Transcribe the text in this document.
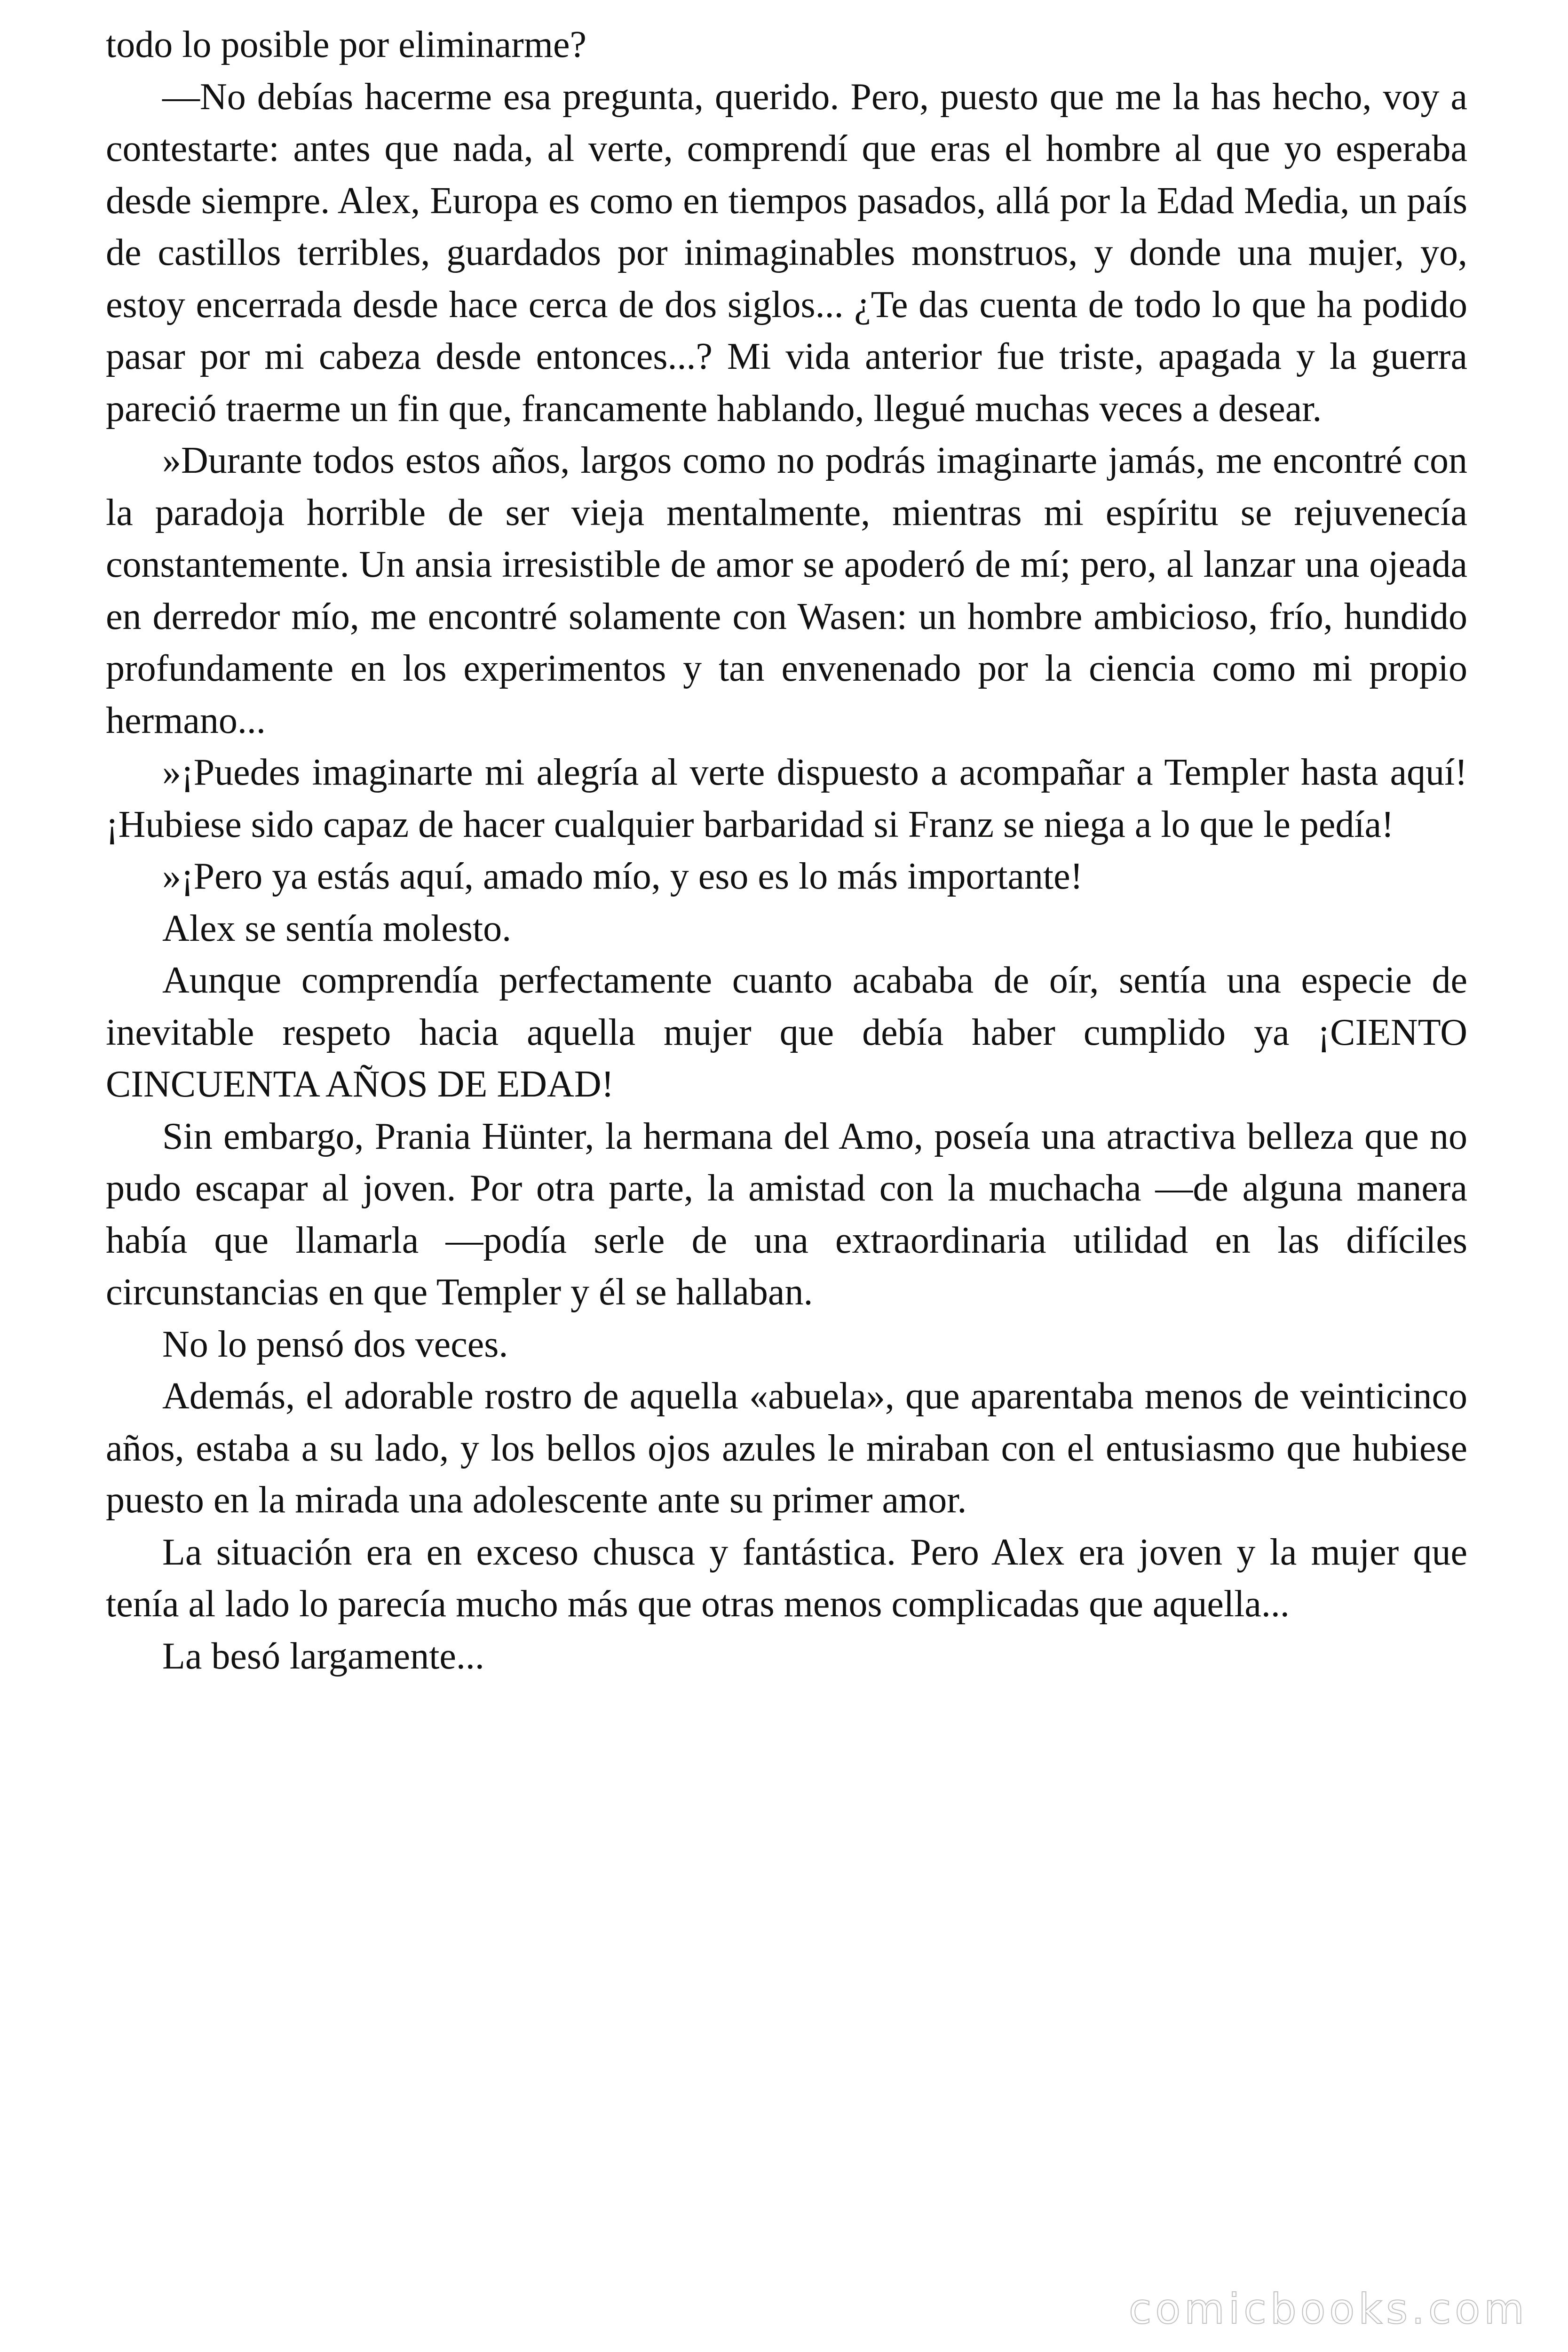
todo lo posible por eliminarme?

—No debías hacerme esa pregunta, querido. Pero, puesto que me la has hecho, voy a contestarte: antes que nada, al verte, comprendí que eras el hombre al que yo esperaba desde siempre. Alex, Europa es como en tiempos pasados, allá por la Edad Media, un país de castillos terribles, guardados por inimaginables monstruos, y donde una mujer, yo, estoy encerrada desde hace cerca de dos siglos... ¿Te das cuenta de todo lo que ha podido pasar por mi cabeza desde entonces...? Mi vida anterior fue triste, apagada y la guerra pareció traerme un fin que, francamente hablando, llegué muchas veces a desear.

»Durante todos estos años, largos como no podrás imaginarte jamás, me encontré con la paradoja horrible de ser vieja mentalmente, mientras mi espíritu se rejuvenecía constantemente. Un ansia irresistible de amor se apoderó de mí; pero, al lanzar una ojeada en derredor mío, me encontré solamente con Wasen: un hombre ambicioso, frío, hundido profundamente en los experimentos y tan envenenado por la ciencia como mi propio hermano...

»¡Puedes imaginarte mi alegría al verte dispuesto a acompañar a Templer hasta aquí! ¡Hubiese sido capaz de hacer cualquier barbaridad si Franz se niega a lo que le pedía!

»¡Pero ya estás aquí, amado mío, y eso es lo más importante!

Alex se sentía molesto.

Aunque comprendía perfectamente cuanto acababa de oír, sentía una especie de inevitable respeto hacia aquella mujer que debía haber cumplido ya ¡CIENTO CINCUENTA AÑOS DE EDAD!

Sin embargo, Prania Hünter, la hermana del Amo, poseía una atractiva belleza que no pudo escapar al joven. Por otra parte, la amistad con la muchacha —de alguna manera había que llamarla —podía serle de una extraordinaria utilidad en las difíciles circunstancias en que Templer y él se hallaban.

No lo pensó dos veces.

Además, el adorable rostro de aquella «abuela», que aparentaba menos de veinticinco años, estaba a su lado, y los bellos ojos azules le miraban con el entusiasmo que hubiese puesto en la mirada una adolescente ante su primer amor.

La situación era en exceso chusca y fantástica. Pero Alex era joven y la mujer que tenía al lado lo parecía mucho más que otras menos complicadas que aquella...

La besó largamente...

comicbooks.com
